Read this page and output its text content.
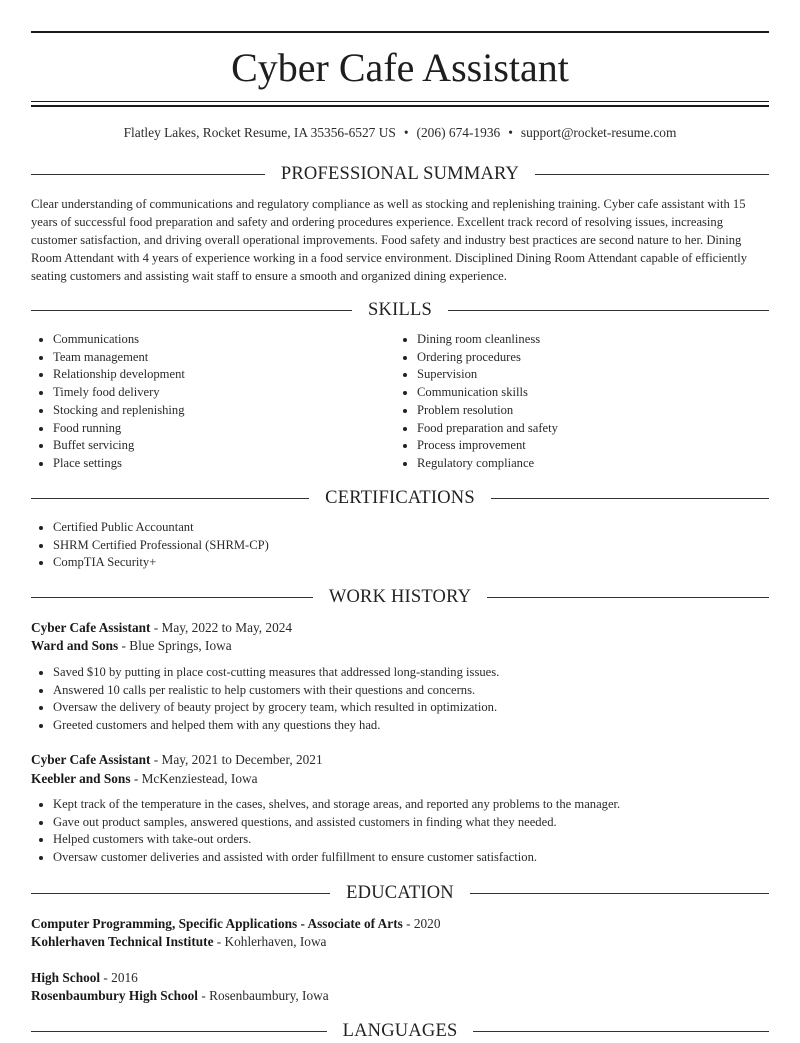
Cyber Cafe Assistant
Flatley Lakes, Rocket Resume, IA 35356-6527 US • (206) 674-1936 • support@rocket-resume.com
PROFESSIONAL SUMMARY

Clear understanding of communications and regulatory compliance as well as stocking and replenishing training. Cyber cafe assistant with 15 years of successful food preparation and safety and ordering procedures experience. Excellent track record of resolving issues, increasing customer satisfaction, and driving overall operational improvements. Food safety and industry best practices are second nature to her. Dining Room Attendant with 4 years of experience working in a food service environment. Disciplined Dining Room Attendant capable of efficiently seating customers and assisting wait staff to ensure a smooth and organized dining experience.

SKILLS
Communications
Team management
Relationship development
Timely food delivery
Stocking and replenishing
Food running
Buffet servicing
Place settings
Dining room cleanliness
Ordering procedures
Supervision
Communication skills
Problem resolution
Food preparation and safety
Process improvement
Regulatory compliance
CERTIFICATIONS
Certified Public Accountant
SHRM Certified Professional (SHRM-CP)
CompTIA Security+
WORK HISTORY
Cyber Cafe Assistant - May, 2022 to May, 2024
Ward and Sons - Blue Springs, Iowa
Saved $10 by putting in place cost-cutting measures that addressed long-standing issues.
Answered 10 calls per realistic to help customers with their questions and concerns.
Oversaw the delivery of beauty project by grocery team, which resulted in optimization.
Greeted customers and helped them with any questions they had.
Cyber Cafe Assistant - May, 2021 to December, 2021
Keebler and Sons - McKenziestead, Iowa
Kept track of the temperature in the cases, shelves, and storage areas, and reported any problems to the manager.
Gave out product samples, answered questions, and assisted customers in finding what they needed.
Helped customers with take-out orders.
Oversaw customer deliveries and assisted with order fulfillment to ensure customer satisfaction.
EDUCATION
Computer Programming, Specific Applications - Associate of Arts - 2020
Kohlerhaven Technical Institute - Kohlerhaven, Iowa
High School - 2016
Rosenbaumbury High School - Rosenbaumbury, Iowa
LANGUAGES
